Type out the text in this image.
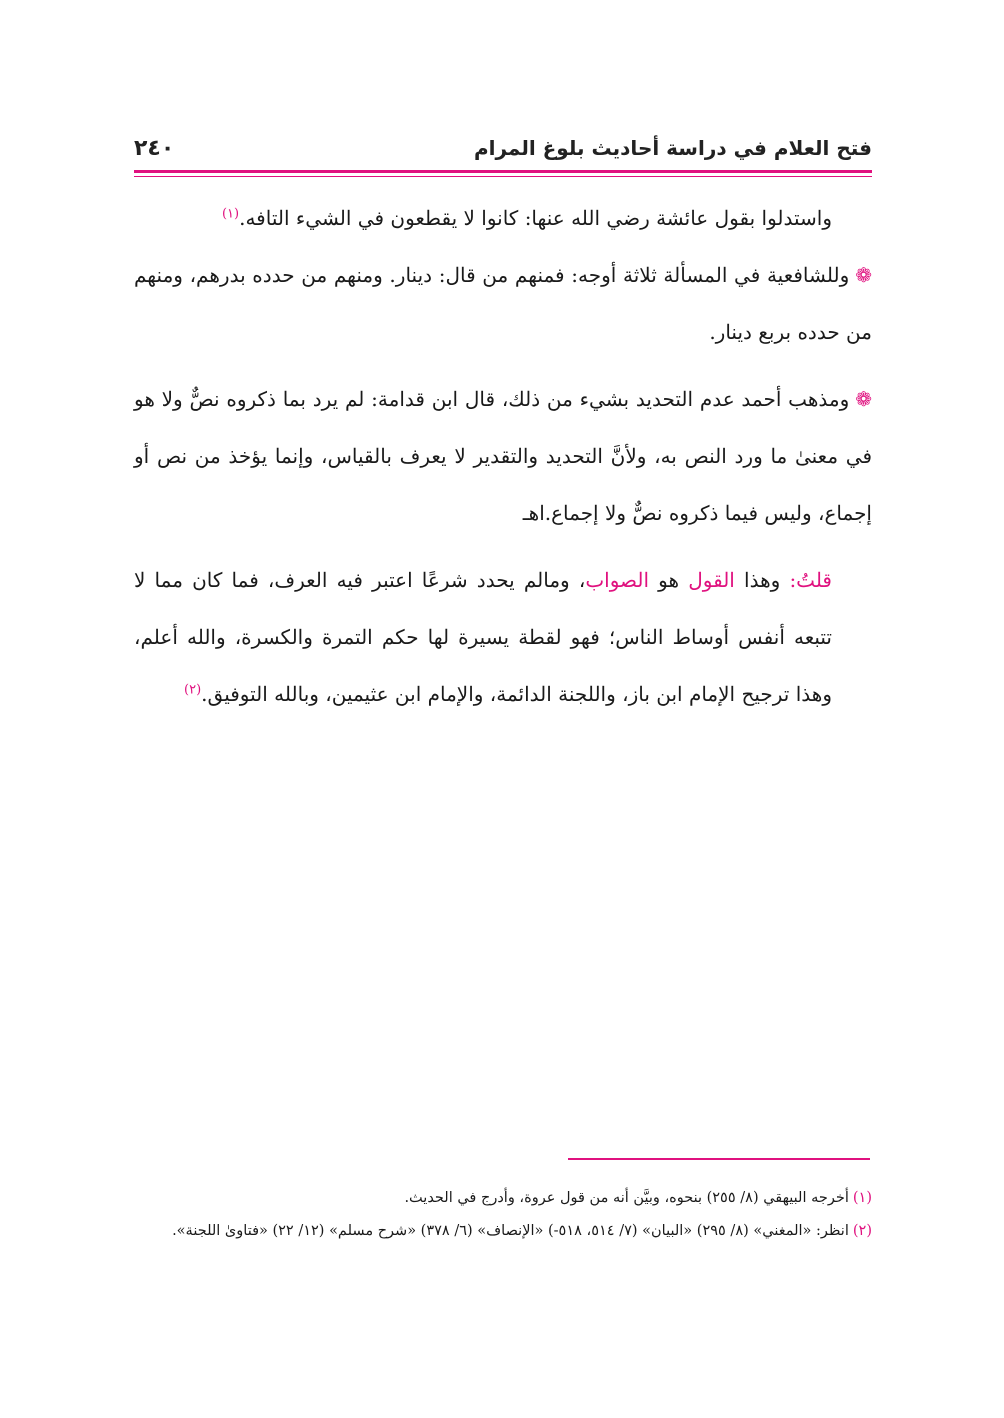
فتح العلام في دراسة أحاديث بلوغ المرام
٢٤٠

واستدلوا بقول عائشة رضي الله عنها: كانوا لا يقطعون في الشيء التافه.$^{(١)}$

❁وللشافعية في المسألة ثلاثة أوجه: فمنهم من قال: دينار. ومنهم من حدده بدرهم، ومنهم من حدده بربع دينار.

❁ومذهب أحمد عدم التحديد بشيء من ذلك، قال ابن قدامة: لم يرد بما ذكروه نصٌّ ولا هو في معنىٰ ما ورد النص به، ولأنَّ التحديد والتقدير لا يعرف بالقياس، وإنما يؤخذ من نص أو إجماع، وليس فيما ذكروه نصٌّ ولا إجماع.اهـ

قلتُ: وهذا القول هو الصواب، ومالم يحدد شرعًا اعتبر فيه العرف، فما كان مما لا تتبعه أنفس أوساط الناس؛ فهو لقطة يسيرة لها حكم التمرة والكسرة، والله أعلم، وهذا ترجيح الإمام ابن باز، واللجنة الدائمة، والإمام ابن عثيمين، وبالله التوفيق.$^{(٢)}$

(١)أخرجه البيهقي (٨/ ٢٥٥) بنحوه، وبيَّن أنه من قول عروة، وأدرج في الحديث.

(٢)انظر: «المغني» (٨/ ٢٩٥) «البيان» (٧/ ٥١٤، ٥١٨-) «الإنصاف» (٦/ ٣٧٨) «شرح مسلم» (١٢/ ٢٢) «فتاوىٰ اللجنة».
